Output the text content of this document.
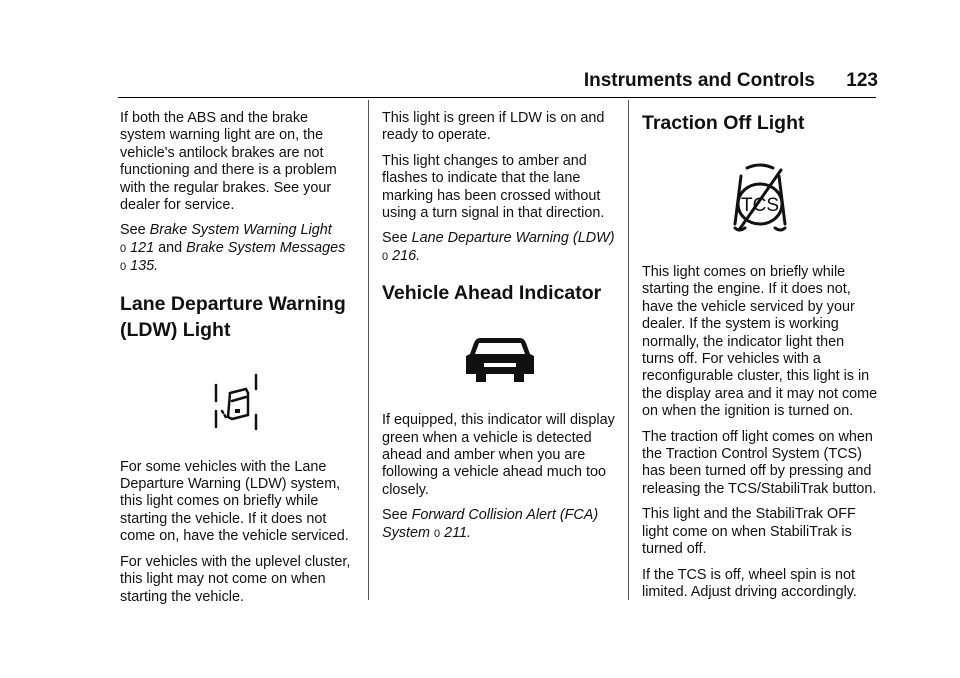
Instruments and Controls	123

If both the ABS and the brake system warning light are on, the vehicle's antilock brakes are not functioning and there is a problem with the regular brakes. See your dealer for service.

See Brake System Warning Light
0 121 and Brake System Messages
0 135.

Lane Departure Warning (LDW) Light

For some vehicles with the Lane Departure Warning (LDW) system, this light comes on briefly while starting the vehicle. If it does not come on, have the vehicle serviced.

For vehicles with the uplevel cluster, this light may not come on when starting the vehicle.

This light is green if LDW is on and ready to operate.

This light changes to amber and flashes to indicate that the lane marking has been crossed without using a turn signal in that direction.

See Lane Departure Warning (LDW)
0 216.

Vehicle Ahead Indicator

If equipped, this indicator will display green when a vehicle is detected ahead and amber when you are following a vehicle ahead much too closely.

See Forward Collision Alert (FCA) System 0 211.

Traction Off Light
TCS

This light comes on briefly while starting the engine. If it does not, have the vehicle serviced by your dealer. If the system is working normally, the indicator light then turns off. For vehicles with a reconfigurable cluster, this light is in the display area and it may not come on when the ignition is turned on.

The traction off light comes on when the Traction Control System (TCS) has been turned off by pressing and releasing the TCS/StabiliTrak button.

This light and the StabiliTrak OFF light come on when StabiliTrak is turned off.

If the TCS is off, wheel spin is not limited. Adjust driving accordingly.
